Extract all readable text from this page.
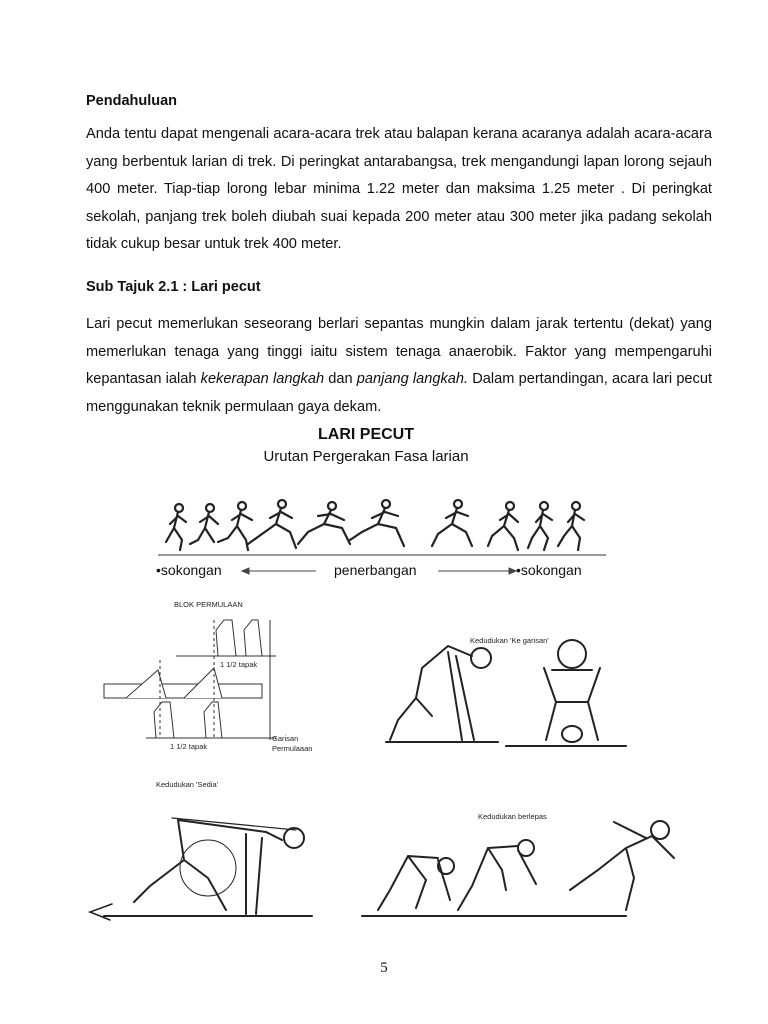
Pendahuluan

Anda tentu dapat mengenali acara-acara trek atau balapan kerana acaranya adalah acara-acara yang berbentuk larian di trek. Di peringkat antarabangsa, trek mengandungi lapan lorong sejauh 400 meter. Tiap-tiap lorong lebar minima 1.22 meter dan maksima 1.25 meter . Di peringkat sekolah, panjang trek boleh diubah suai kepada 200 meter atau 300 meter jika padang sekolah tidak cukup besar untuk trek 400 meter.

Sub Tajuk 2.1 : Lari pecut

Lari pecut memerlukan seseorang berlari sepantas mungkin dalam jarak tertentu (dekat) yang memerlukan tenaga yang tinggi iaitu sistem tenaga anaerobik. Faktor yang mempengaruhi kepantasan ialah kekerapan langkah dan panjang langkah. Dalam pertandingan, acara lari pecut menggunakan teknik permulaan gaya dekam.

LARI PECUT
Urutan Pergerakan Fasa larian
•sokongan	penerbangan	•sokongan
BLOK PERMULAAN
1 1/2 tapak
1 1/2 tapak
Garisan
Permulaaan
Kedudukan 'Ke garisan'
Kedudukan 'Sedia'
Kedudukan berlepas
5
